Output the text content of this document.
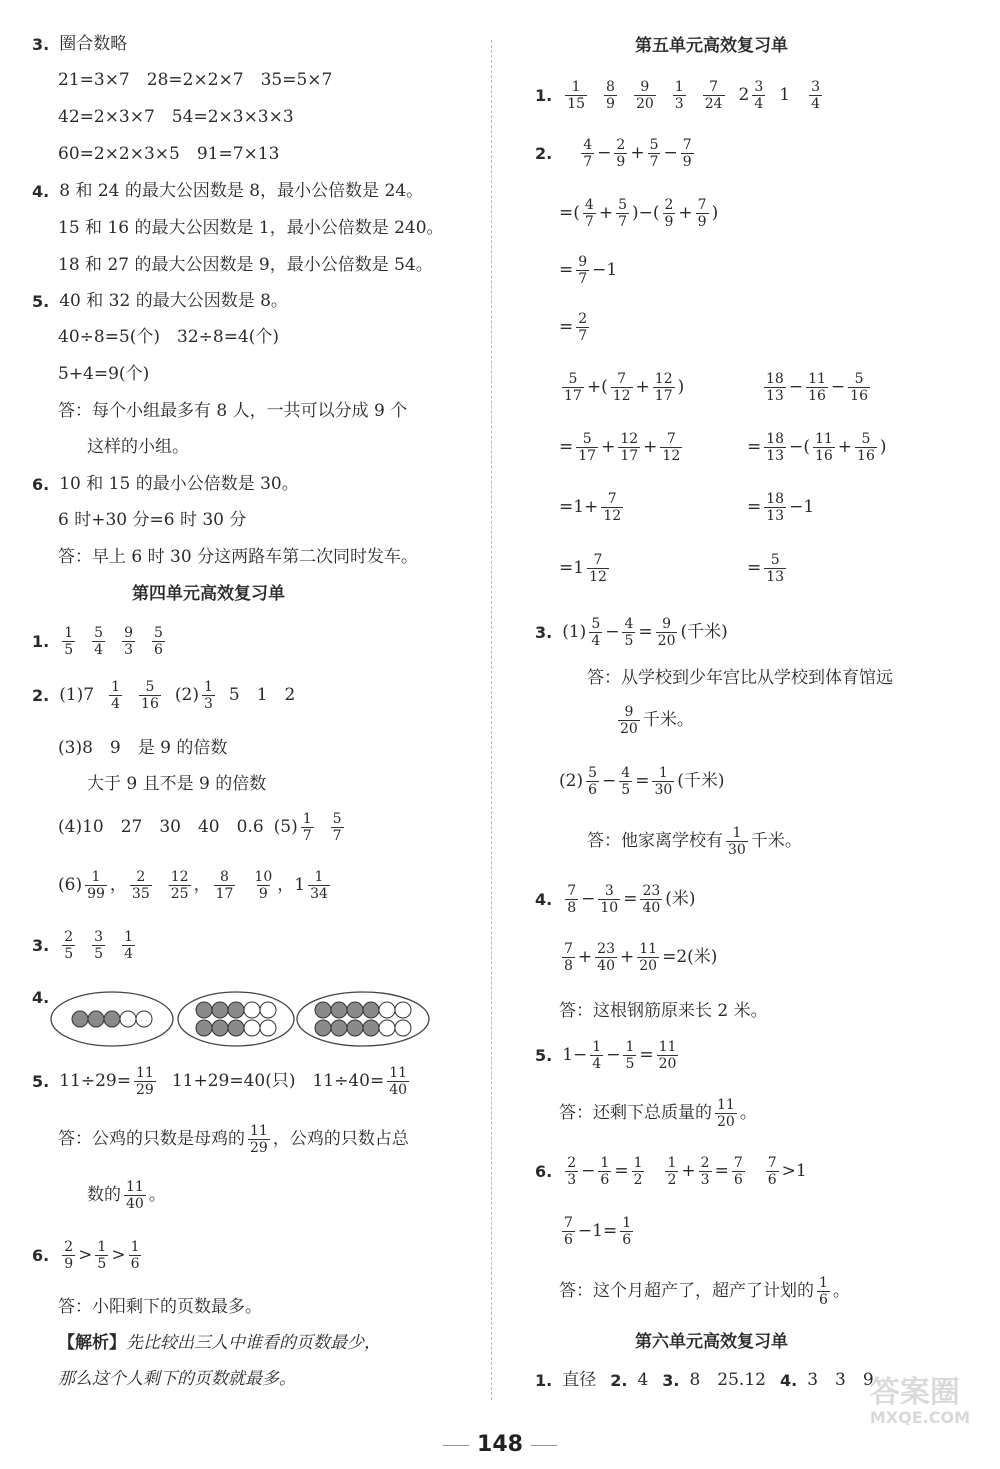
3. 圈合数略
21=3×7　28=2×2×7　35=5×7
42=2×3×7　54=2×3×3×3
60=2×2×3×5　91=7×13
4. 8 和 24 的最大公因数是 8，最小公倍数是 24。
15 和 16 的最大公因数是 1，最小公倍数是 240。
18 和 27 的最大公因数是 9，最小公倍数是 54。
5. 40 和 32 的最大公因数是 8。
40÷8=5(个)　32÷8=4(个)
5+4=9(个)
答：每个小组最多有 8 人，一共可以分成 9 个
这样的小组。
6. 10 和 15 的最小公倍数是 30。
6 时+30 分=6 时 30 分
答：早上 6 时 30 分这两路车第二次同时发车。
第四单元高效复习单
1. 1
5
5
4
9
3
5
6
2. (1)7 1
4
5
16 (2) 1
3 5　1　2
(3)8　9　是 9 的倍数
大于 9 且不是 9 的倍数
(4)10　27　30　40　0.6 (5) 1
7
5
7
(6) 1
99 ， 2
35
12
25 ， 8
17
10
9 ， 1 1
34
3. 2
5
3
5
1
4
4.
5. $11\div 29= \frac{11}{29} 11+29=40$(只)　$11\div 40= \frac{11}{40}$
答：公鸡的只数是母鸡的 11
29 ，公鸡的只数占总
数的 11
40 。
6. 2
9 > 1
5 > 1
6
答：小阳剩下的页数最多。
【解析】 先比较出三人中谁看的页数最少，
那么这个人剩下的页数就最多。
第五单元高效复习单
1. 1
15
8
9
9
20
1
3
7
24 2 3
4 1 3
4
2. 4
7 − 2
9 + 5
7 − 7
9
=( 4
7 + 5
7 )−( 2
9 + 7
9 )
= 9
7 −1
= 2
7
5
17 +( 7
12 + 12
17 )
= 5
17 + 12
17 + 7
12
$=1+ \frac{7}{12}$
=1 7
12
18
13 − 11
16 − 5
16
= 18
13 −( 11
16 + 5
16 )
= 18
13 −1
= 5
13
3. (1) 5
4 − 4
5 = 9
20 (千米)
答：从学校到少年宫比从学校到体育馆远
9
20 千米。
(2) 5
6 − 4
5 = 1
30 (千米)
答：他家离学校有 1
30 千米。
4. 7
8 − 3
10 = 23
40 (米)
7
8 + 23
$40 + \frac{11}{20} =2$(米)
答：这根钢筋原来长 2 米。
5. $1- \frac{1}{4} - 1$
5 = 11
20
答：还剩下总质量的 11
20 。
6. 2
3 − 1
6 = 1
2
1
2 + 2
3 = 7
6
7
6 >1
7
$6 -1= \frac{1}{6}$
答：这个月超产了，超产了计划的 1
6 。
第六单元高效复习单
1. 直径 2. 4 3. 8　25.12 4. 3　3　9
答案圈
MXQE.COM
148
